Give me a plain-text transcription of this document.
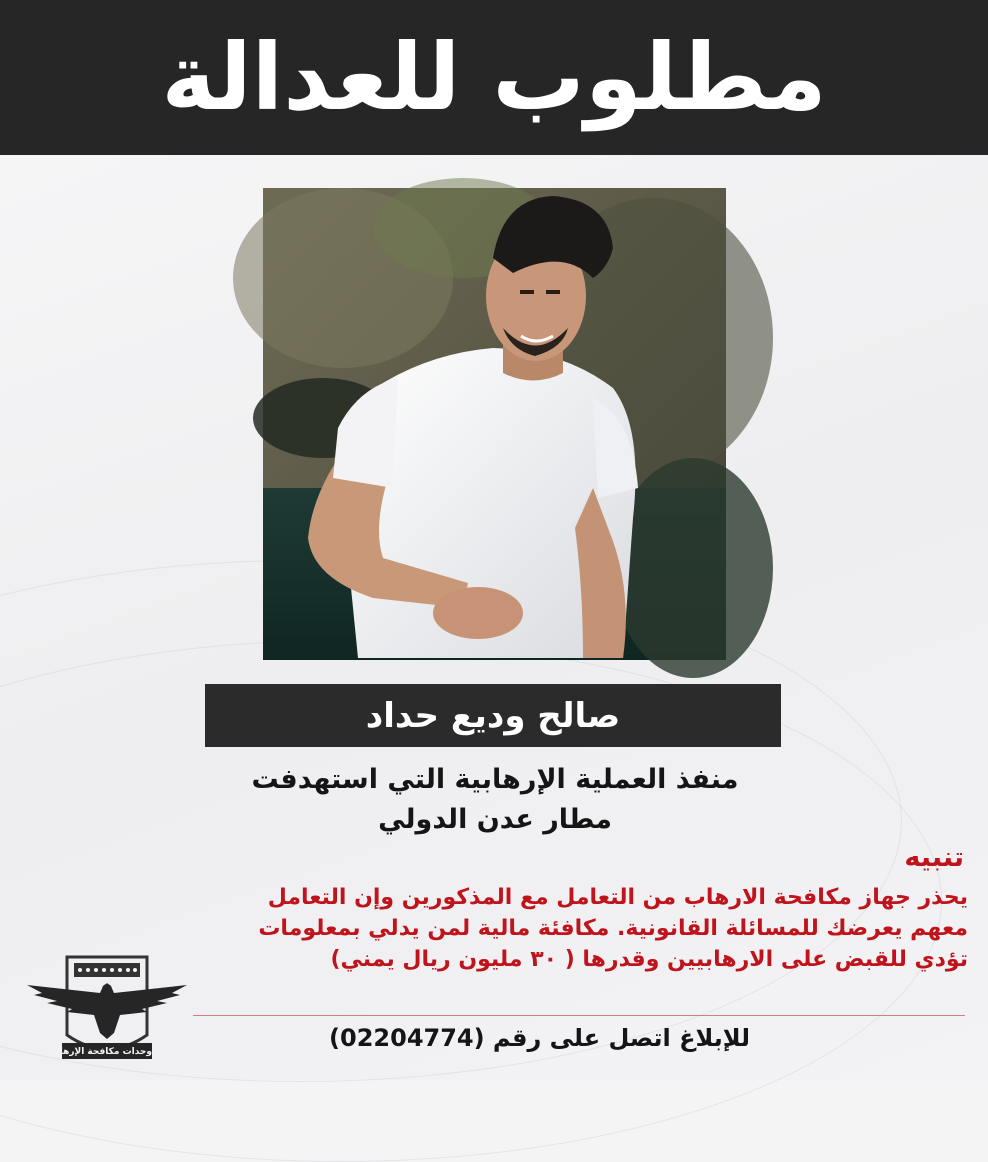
مطلوب للعدالة
صالح وديع حداد
منفذ العملية الإرهابية التي استهدفت
مطار عدن الدولي
تنبيه
يحذر جهاز مكافحة الارهاب من التعامل مع المذكورين وإن التعامل
معهم يعرضك للمسائلة القانونية. مكافئة مالية لمن يدلي بمعلومات
تؤدي للقبض على الارهابيين وقدرها ( ٣٠ مليون ريال يمني)
للإبلاغ اتصل على رقم (02204774)
وحدات مكافحة الإرهاب
